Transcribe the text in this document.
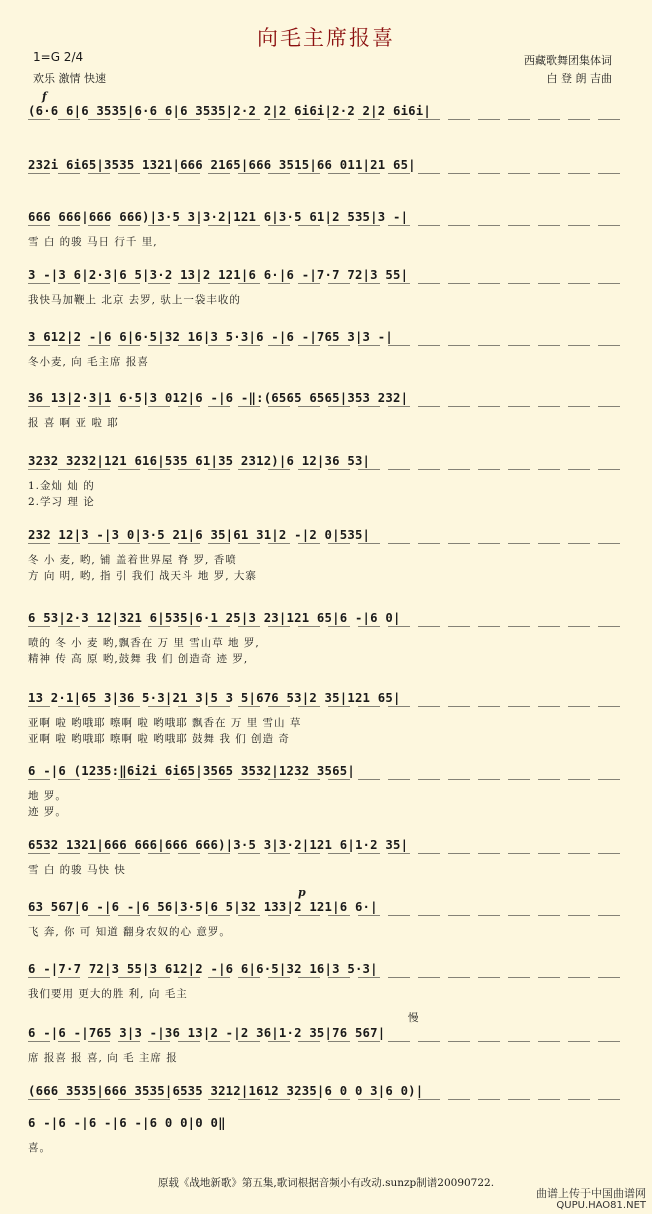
向毛主席报喜
1=G 2/4
欢乐 激情 快速
西藏歌舞团集体词
白 登 朗 吉曲
f
(6·6 6|6 3535|6·6 6|6 3535|2·2 2|2 6i6i|2·2 2|2 6i6i|
232i 6i65|3535 1321|666 2165|666 3515|66 011|21 65|
666 666|666 666)|3·5 3|3·2|121 6|3·5 61|2 535|3 -|
雪 白 的骏 马日 行千 里,
3 -|3 6|2·3|6 5|3·2 13|2 121|6 6·|6 -|7·7 72|3 55|
我快马加鞭上 北京 去罗, 驮上一袋丰收的
3 612|2 -|6 6|6·5|32 16|3 5·3|6 -|6 -|765 3|3 -|
冬小麦, 向 毛主席 报喜
36 13|2·3|1 6·5|3 012|6 -|6 -‖:(6565 6565|353 232|
报 喜 啊 亚 啦 耶
3232 3232|121 616|535 61|35 2312)|6 12|36 53|
1.金灿 灿 的
2.学习 理 论
232 12|3 -|3 0|3·5 21|6 35|61 31|2 -|2 0|535|
冬 小 麦, 哟, 铺 盖着世界屋 脊 罗, 香喷
方 向 明, 哟, 指 引 我们 战天斗 地 罗, 大寨
6 53|2·3 12|321 6|535|6·1 25|3 23|121 65|6 -|6 0|
喷的 冬 小 麦 哟,飘香在 万 里 雪山草 地 罗,
精神 传 高 原 哟,鼓舞 我 们 创造奇 迹 罗,
13 2·1|65 3|36 5·3|21 3|5 3 5|676 53|2 35|121 65|
亚啊 啦 哟哦耶 嚓啊 啦 哟哦耶 飘香在 万 里 雪山 草
亚啊 啦 哟哦耶 嚓啊 啦 哟哦耶 鼓舞 我 们 创造 奇
6 -|6 (1235:‖6i2i 6i65|3565 3532|1232 3565|
地 罗。
迹 罗。
6532 1321|666 666|666 666)|3·5 3|3·2|121 6|1·2 35|
雪 白 的骏 马快 快
p
63 567|6 -|6 -|6 56|3·5|6 5|32 133|2 121|6 6·|
飞 奔, 你 可 知道 翻身农奴的心 意罗。
6 -|7·7 72|3 55|3 612|2 -|6 6|6·5|32 16|3 5·3|
我们要用 更大的胜 利, 向 毛主
慢
6 -|6 -|765 3|3 -|36 13|2 -|2 36|1·2 35|76 567|
席 报喜 报 喜, 向 毛 主席 报
(666 3535|666 3535|6535 3212|1612 3235|6 0 0 3|6 0)|
6 -|6 -|6 -|6 -|6 0 0|0 0‖
喜。
原载《战地新歌》第五集,歌词根据音频小有改动.sunzp制谱20090722.
曲谱上传于中国曲谱网
QUPU.HAO81.NET
